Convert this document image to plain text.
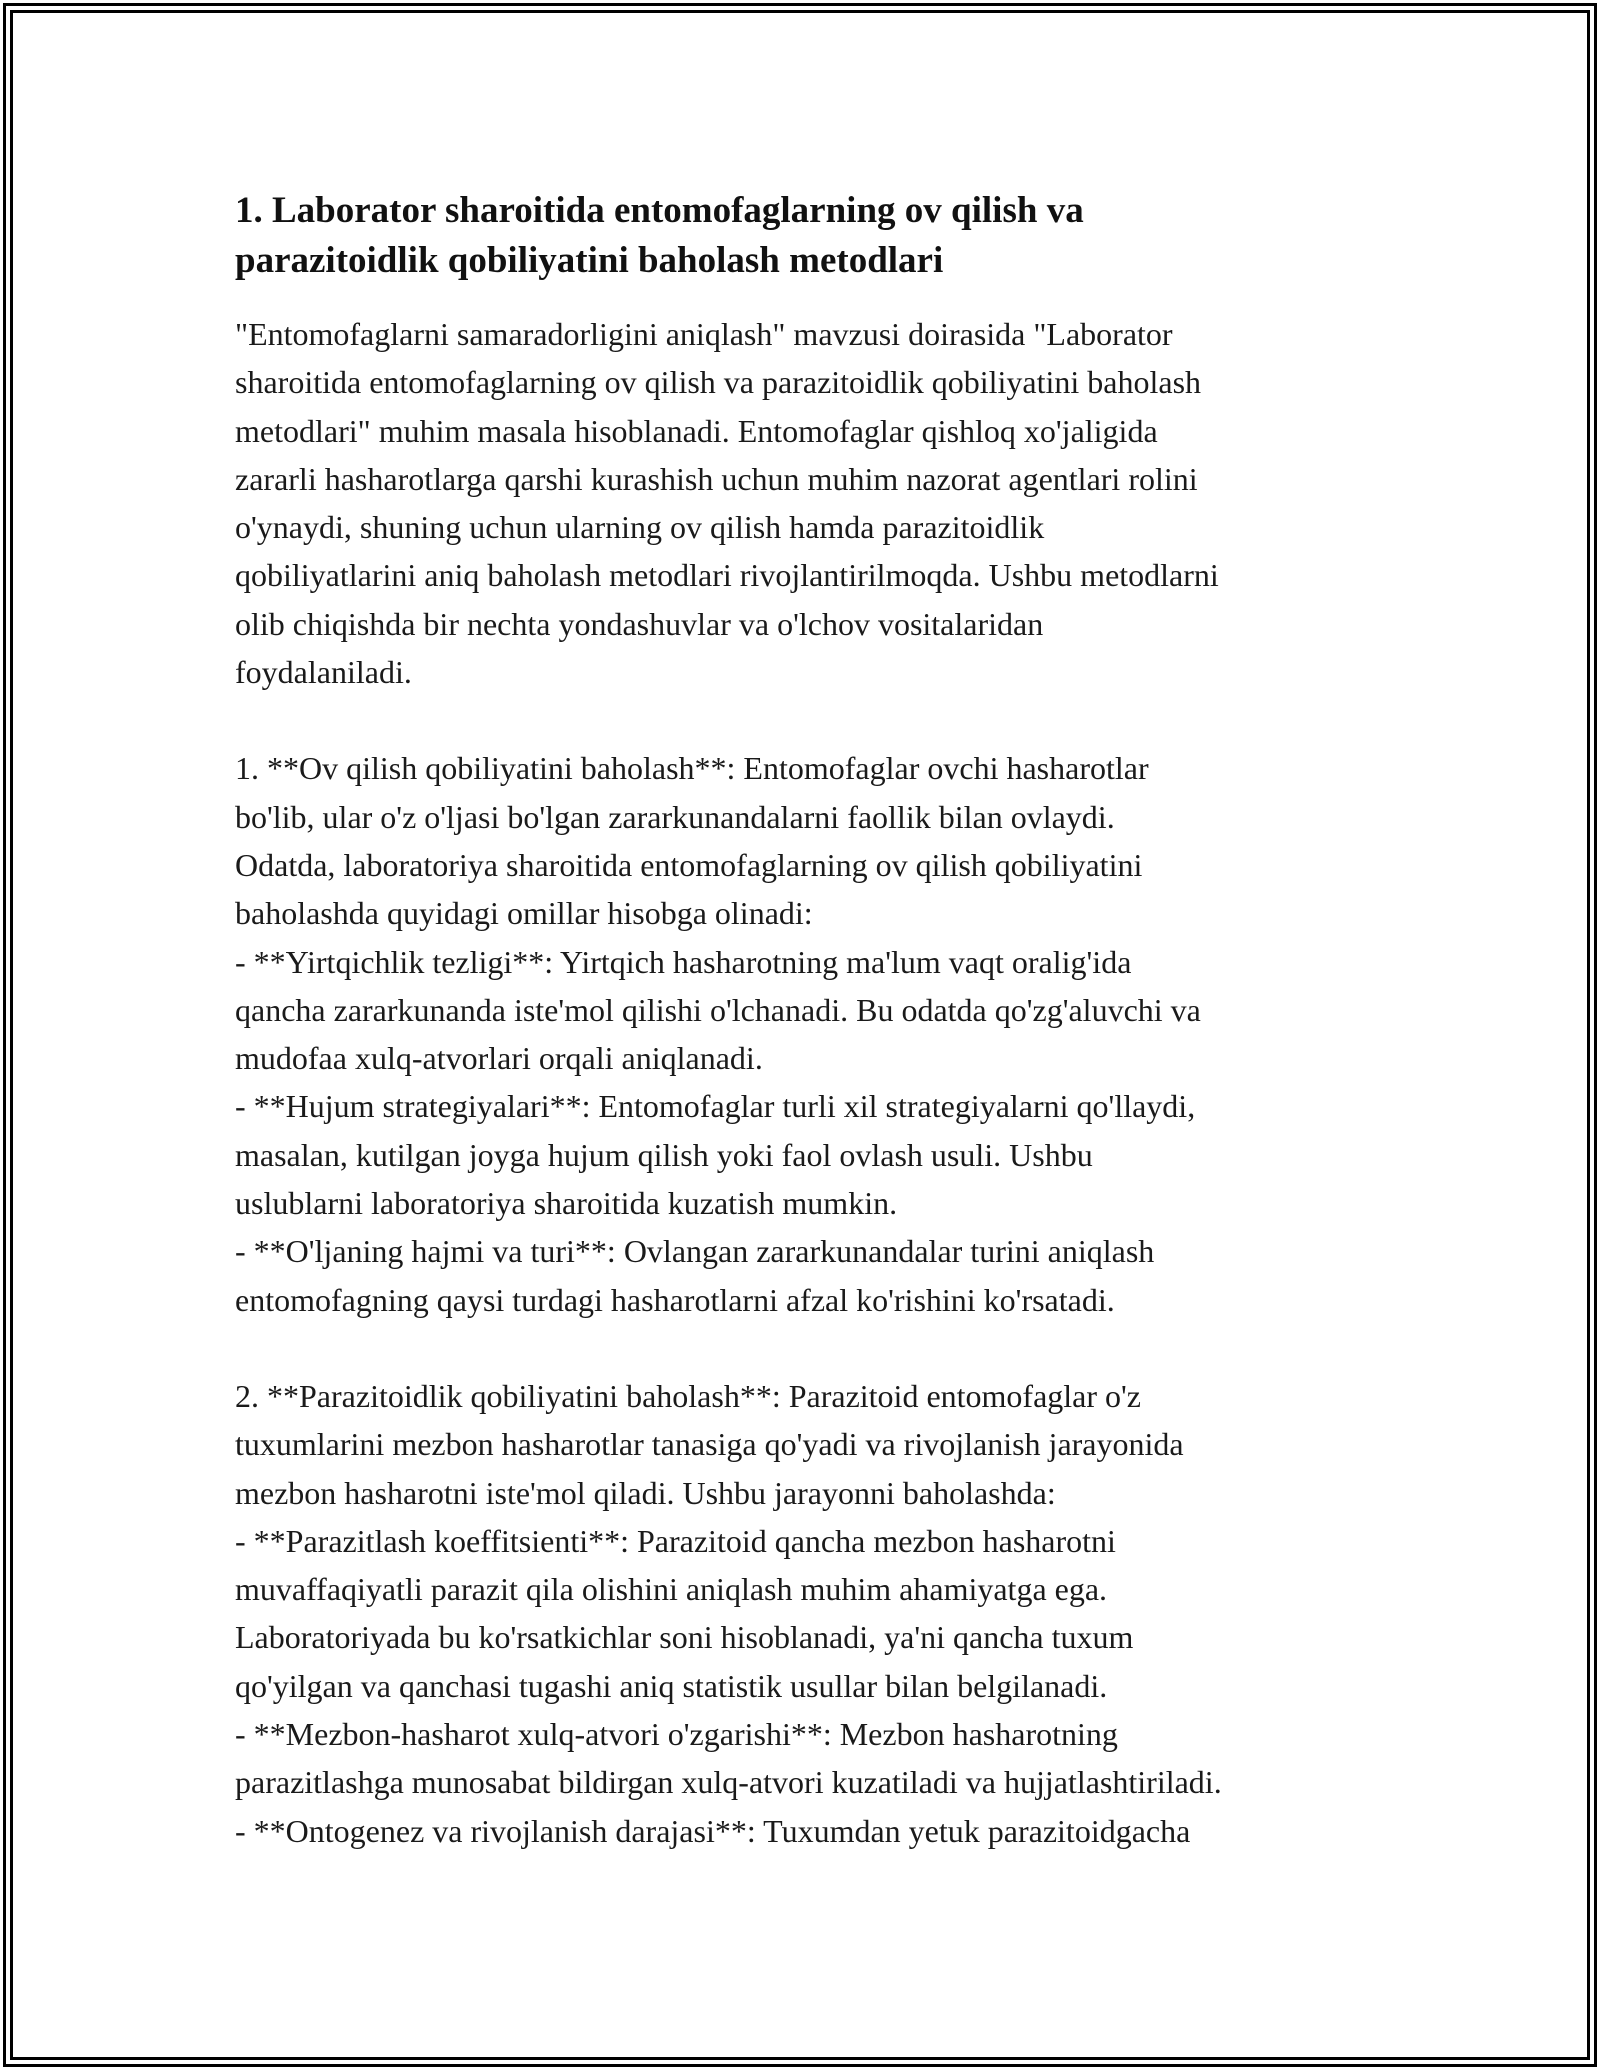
1. Laborator sharoitida entomofaglarning ov qilish va
parazitoidlik qobiliyatini baholash metodlari

"Entomofaglarni samaradorligini aniqlash" mavzusi doirasida "Laborator
sharoitida entomofaglarning ov qilish va parazitoidlik qobiliyatini baholash
metodlari" muhim masala hisoblanadi. Entomofaglar qishloq xo'jaligida
zararli hasharotlarga qarshi kurashish uchun muhim nazorat agentlari rolini
o'ynaydi, shuning uchun ularning ov qilish hamda parazitoidlik
qobiliyatlarini aniq baholash metodlari rivojlantirilmoqda. Ushbu metodlarni
olib chiqishda bir nechta yondashuvlar va o'lchov vositalaridan
foydalaniladi.

1. **Ov qilish qobiliyatini baholash**: Entomofaglar ovchi hasharotlar
bo'lib, ular o'z o'ljasi bo'lgan zararkunandalarni faollik bilan ovlaydi.
Odatda, laboratoriya sharoitida entomofaglarning ov qilish qobiliyatini
baholashda quyidagi omillar hisobga olinadi:
- **Yirtqichlik tezligi**: Yirtqich hasharotning ma'lum vaqt oralig'ida
qancha zararkunanda iste'mol qilishi o'lchanadi. Bu odatda qo'zg'aluvchi va
mudofaa xulq-atvorlari orqali aniqlanadi.
- **Hujum strategiyalari**: Entomofaglar turli xil strategiyalarni qo'llaydi,
masalan, kutilgan joyga hujum qilish yoki faol ovlash usuli. Ushbu
uslublarni laboratoriya sharoitida kuzatish mumkin.
- **O'ljaning hajmi va turi**: Ovlangan zararkunandalar turini aniqlash
entomofagning qaysi turdagi hasharotlarni afzal ko'rishini ko'rsatadi.

2. **Parazitoidlik qobiliyatini baholash**: Parazitoid entomofaglar o'z
tuxumlarini mezbon hasharotlar tanasiga qo'yadi va rivojlanish jarayonida
mezbon hasharotni iste'mol qiladi. Ushbu jarayonni baholashda:
- **Parazitlash koeffitsienti**: Parazitoid qancha mezbon hasharotni
muvaffaqiyatli parazit qila olishini aniqlash muhim ahamiyatga ega.
Laboratoriyada bu ko'rsatkichlar soni hisoblanadi, ya'ni qancha tuxum
qo'yilgan va qanchasi tugashi aniq statistik usullar bilan belgilanadi.
- **Mezbon-hasharot xulq-atvori o'zgarishi**: Mezbon hasharotning
parazitlashga munosabat bildirgan xulq-atvori kuzatiladi va hujjatlashtiriladi.
- **Ontogenez va rivojlanish darajasi**: Tuxumdan yetuk parazitoidgacha
